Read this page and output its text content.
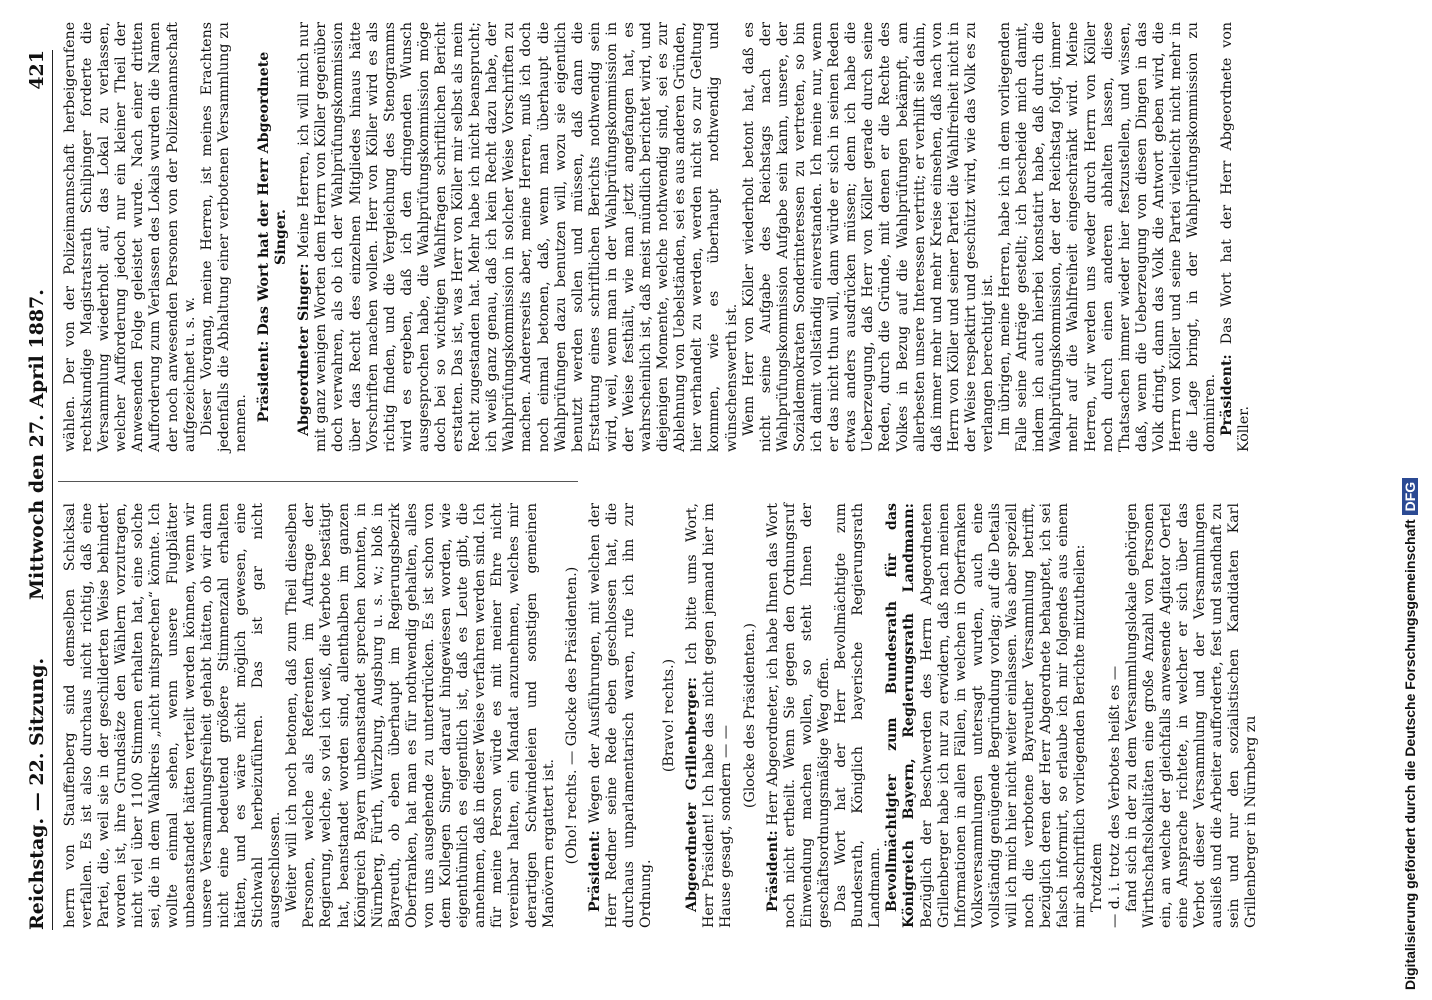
Reichstag. — 22. Sitzung.
Mittwoch den 27. April 1887.
421

herrn von Stauffenberg sind demselben Schicksal verfallen. Es ist also durchaus nicht richtig, daß eine Partei, die, weil sie in der geschilderten Weise behindert worden ist, ihre Grundsätze den Wählern vorzutragen, nicht viel über 1100 Stimmen erhalten hat, eine solche sei, die in dem Wahlkreis „nicht mitsprechen“ könnte. Ich wollte einmal sehen, wenn unsere Flugblätter unbeanstandet hätten verteilt werden können, wenn wir unsere Versammlungsfreiheit gehabt hätten, ob wir dann nicht eine bedeutend größere Stimmenzahl erhalten hätten, und es wäre nicht möglich gewesen, eine Stichwahl herbeizuführen. Das ist gar nicht ausgeschlossen. Weiter will ich noch betonen, daß zum Theil dieselben Personen, welche als Referenten im Auftrage der Regierung, welche, so viel ich weiß, die Verbote bestätigt hat, beanstandet worden sind, allenthalben im ganzen Königreich Bayern unbeanstandet sprechen konnten, in Nürnberg, Fürth, Würzburg, Augsburg u. s. w.; bloß in Bayreuth, ob eben überhaupt im Regierungsbezirk Oberfranken, hat man es für nothwendig gehalten, alles von uns ausgehende zu unterdrücken. Es ist schon von dem Kollegen Singer darauf hingewiesen worden, wie eigenthümlich es eigentlich ist, daß es Leute gibt, die annehmen, daß in dieser Weise verfahren werden sind. Ich für meine Person würde es mit meiner Ehre nicht vereinbar halten, ein Mandat anzunehmen, welches mir derartigen Schwindeleien und sonstigen gemeinen Manövern ergattert ist. (Oho! rechts. — Glocke des Präsidenten.)

Präsident: Wegen der Ausführungen, mit welchen der Herr Redner seine Rede eben geschlossen hat, die durchaus unparlamentarisch waren, rufe ich ihn zur Ordnung.

(Bravo! rechts.) Abgeordneter Grillenberger: Ich bitte ums Wort, Herr Präsident! Ich habe das nicht gegen jemand hier im Hause gesagt, sondern — —

(Glocke des Präsidenten.)

Präsident: Herr Abgeordneter, ich habe Ihnen das Wort noch nicht ertheilt. Wenn Sie gegen den Ordnungsruf Einwendung machen wollen, so steht Ihnen der geschäftsordnungsmäßige Weg offen. Das Wort hat der Herr Bevollmächtigte zum Bundesrath, Königlich bayerische Regierungsrath Landmann. Bevollmächtigter zum Bundesrath für das Königreich Bayern, Regierungsrath Landmann: Bezüglich der Beschwerden des Herrn Abgeordneten Grillenberger habe ich nur zu erwidern, daß nach meinen Informationen in allen Fällen, in welchen in Oberfranken Volksversammlungen untersagt wurden, auch eine vollständig genügende Begründung vorlag; auf die Details will ich mich hier nicht weiter einlassen. Was aber speziell noch die verbotene Bayreuther Versammlung betrifft, bezüglich deren der Herr Abgeordnete behauptet, ich sei falsch informirt, so erlaube ich mir folgendes aus einem mir abschriftlich vorliegenden Berichte mitzutheilen: Trotzdem — d. i. trotz des Verbotes heißt es — fand sich in der zu dem Versammlungslokale gehörigen Wirthschaftslokalitäten eine große Anzahl von Personen ein, an welche der gleichfalls anwesende Agitator Oertel eine Ansprache richtete, in welcher er sich über das Verbot dieser Versammlung und der Versammlungen ausließ und die Arbeiter aufforderte, fest und standhaft zu sein und nur den sozialistischen Kandidaten Karl Grillenberger in Nürnberg zu

wählen. Der von der Polizeimannschaft herbeigerufene rechtskundige Magistratsrath Schilpinger forderte die Versammlung wiederholt auf, das Lokal zu verlassen, welcher Aufforderung jedoch nur ein kleiner Theil der Anwesenden Folge geleistet wurde. Nach einer dritten Aufforderung zum Verlassen des Lokals wurden die Namen der noch anwesenden Personen von der Polizeimannschaft aufgezeichnet u. s. w. Dieser Vorgang, meine Herren, ist meines Erachtens jedenfalls die Abhaltung einer verbotenen Versammlung zu nennen.

Präsident: Das Wort hat der Herr Abgeordnete Singer.

Abgeordneter Singer: Meine Herren, ich will mich nur mit ganz wenigen Worten dem Herrn von Köller gegenüber doch verwahren, als ob ich der Wahlprüfungskommission über das Recht des einzelnen Mitgliedes hinaus hätte Vorschriften machen wollen. Herr von Köller wird es als richtig finden, und die Vergleichung des Stenogramms wird es ergeben, daß ich den dringenden Wunsch ausgesprochen habe, die Wahlprüfungskommission möge doch bei so wichtigen Wahlfragen schriftlichen Bericht erstatten. Das ist, was Herr von Köller mir selbst als mein Recht zugestanden hat. Mehr habe ich nicht beansprucht; ich weiß ganz genau, daß ich kein Recht dazu habe, der Wahlprüfungskommission in solcher Weise Vorschriften zu machen. Andererseits aber, meine Herren, muß ich doch noch einmal betonen, daß, wenn man überhaupt die Wahlprüfungen dazu benutzen will, wozu sie eigentlich benutzt werden sollen und müssen, daß dann die Erstattung eines schriftlichen Berichts nothwendig sein wird, weil, wenn man in der Wahlprüfungskommission in der Weise festhält, wie man jetzt angefangen hat, es wahrscheinlich ist, daß meist mündlich berichtet wird, und diejenigen Momente, welche nothwendig sind, sei es zur Ablehnung von Uebelständen, sei es aus anderen Gründen, hier verhandelt zu werden, werden nicht so zur Geltung kommen, wie es überhaupt nothwendig und wünschenswerth ist. Wenn Herr von Köller wiederholt betont hat, daß es nicht seine Aufgabe des Reichstags nach der Wahlprüfungskommission Aufgabe sein kann, unsere, der Sozialdemokraten Sonderinteressen zu vertreten, so bin ich damit vollständig einverstanden. Ich meine nur, wenn er das nicht thun will, dann würde er sich in seinen Reden etwas anders ausdrücken müssen; denn ich habe die Ueberzeugung, daß Herr von Köller gerade durch seine Reden, durch die Gründe, mit denen er die Rechte des Volkes in Bezug auf die Wahlprüfungen bekämpft, am allerbesten unsere Interessen vertritt; er verhilft sie dahin, daß immer mehr und mehr Kreise einsehen, daß nach von Herrn von Köller und seiner Partei die Wahlfreiheit nicht in der Weise respektirt und geschützt wird, wie das Volk es zu verlangen berechtigt ist. Im übrigen, meine Herren, habe ich in dem vorliegenden Falle seine Anträge gestellt; ich bescheide mich damit, indem ich auch hierbei konstatirt habe, daß durch die Wahlprüfungskommission, der der Reichstag folgt, immer mehr auf die Wahlfreiheit eingeschränkt wird. Meine Herren, wir werden uns weder durch Herrn von Köller noch durch einen anderen abhalten lassen, diese Thatsachen immer wieder hier festzustellen, und wissen, daß, wenn die Ueberzeugung von diesen Dingen in das Volk dringt, dann das Volk die Antwort geben wird, die Herrn von Köller und seine Partei vielleicht nicht mehr in die Lage bringt, in der Wahlprüfungskommission zu dominiren. Präsident: Das Wort hat der Herr Abgeordnete von Köller.

Digitalisierung gefördert durch die Deutsche ForschungsgemeinschaftDFG
